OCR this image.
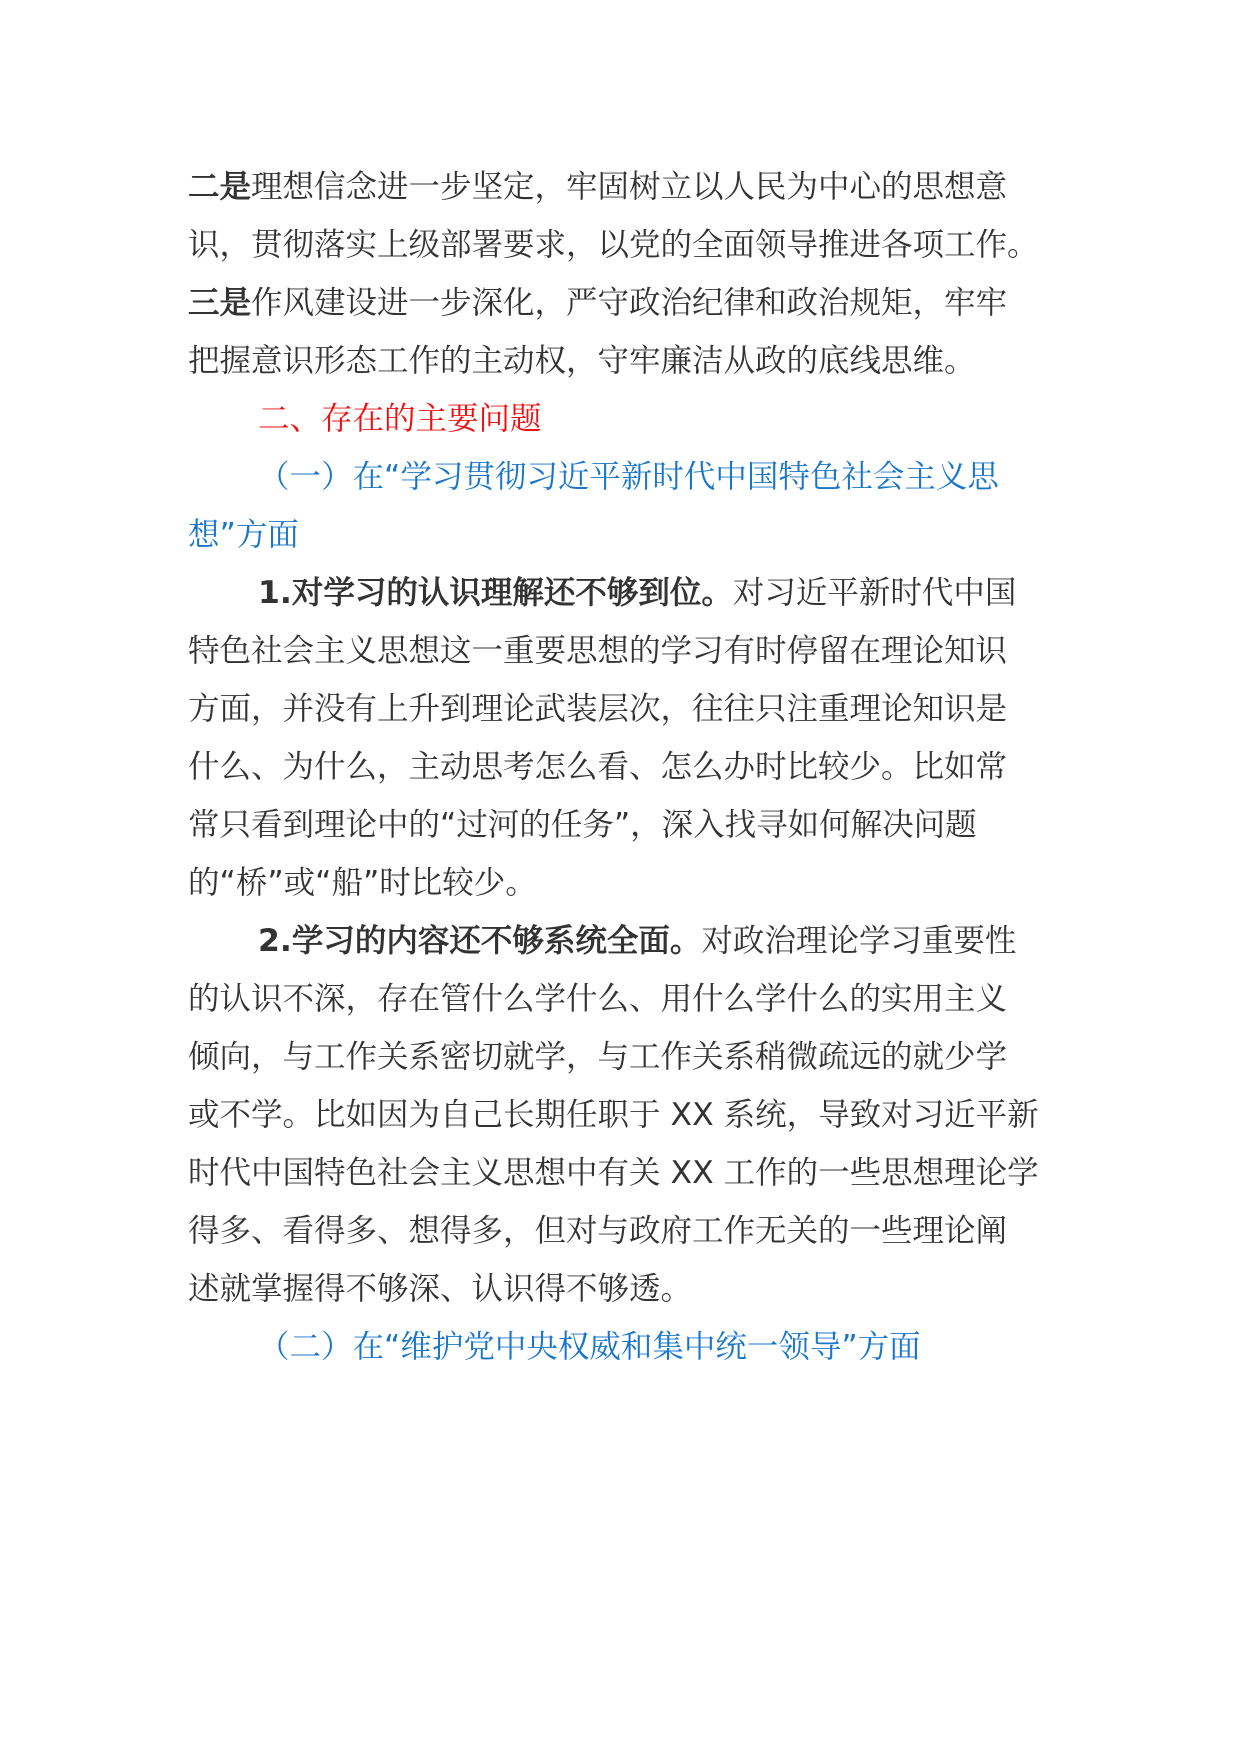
二是理想信念进一步坚定，牢固树立以人民为中心的思想意
识，贯彻落实上级部署要求，以党的全面领导推进各项工作。
三是作风建设进一步深化，严守政治纪律和政治规矩，牢牢
把握意识形态工作的主动权，守牢廉洁从政的底线思维。
二、存在的主要问题
（一）在“学习贯彻习近平新时代中国特色社会主义思
想”方面
1.对学习的认识理解还不够到位。对习近平新时代中国
特色社会主义思想这一重要思想的学习有时停留在理论知识
方面，并没有上升到理论武装层次，往往只注重理论知识是
什么、为什么，主动思考怎么看、怎么办时比较少。比如常
常只看到理论中的“过河的任务”，深入找寻如何解决问题
的“桥”或“船”时比较少。
2.学习的内容还不够系统全面。对政治理论学习重要性
的认识不深，存在管什么学什么、用什么学什么的实用主义
倾向，与工作关系密切就学，与工作关系稍微疏远的就少学
或不学。比如因为自己长期任职于 XX 系统，导致对习近平新
时代中国特色社会主义思想中有关 XX 工作的一些思想理论学
得多、看得多、想得多，但对与政府工作无关的一些理论阐
述就掌握得不够深、认识得不够透。
（二）在“维护党中央权威和集中统一领导”方面
